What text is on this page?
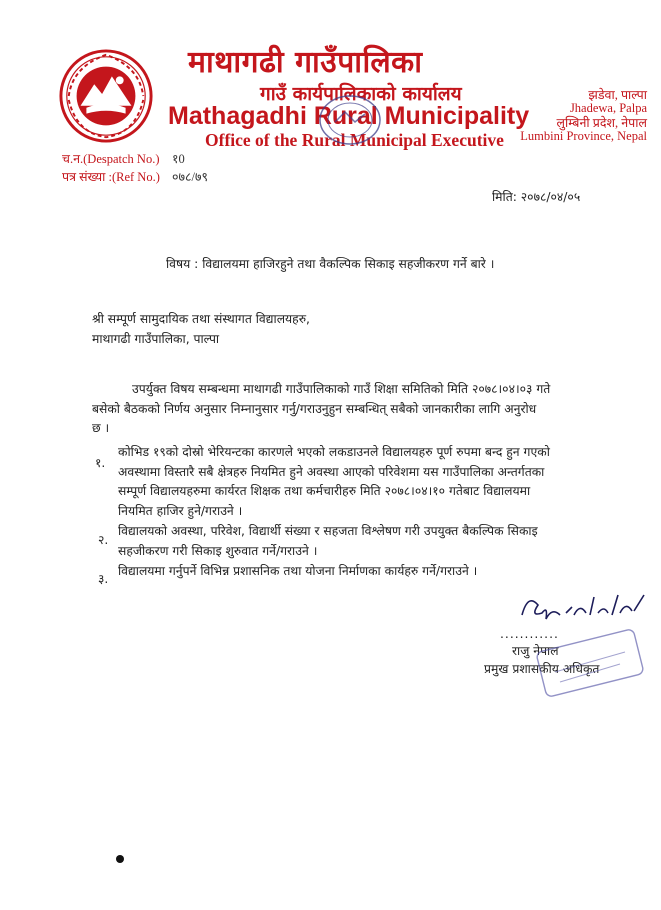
माथागढी गाउँपालिका
गाउँ कार्यपालिकाको कार्यालय
Mathagadhi Rural Municipality
Office of the Rural Municipal Executive
झडेवा, पाल्पा
Jhadewa, Palpa
लुम्बिनी प्रदेश, नेपाल
Lumbini Province, Nepal
च.न.(Despatch No.) १0
पत्र संख्या :(Ref No.) ०७८/७९
मिति: २०७८/०४/०५
विषय : विद्यालयमा हाजिरहुने तथा वैकल्पिक सिकाइ सहजीकरण गर्ने बारे ।
श्री सम्पूर्ण सामुदायिक तथा संस्थागत विद्यालयहरु,
माथागढी गाउँपालिका, पाल्पा
उपर्युक्त विषय सम्बन्धमा माथागढी गाउँपालिकाको गाउँ शिक्षा समितिको मिति २०७८।०४।०३ गते
बसेको बैठकको निर्णय अनुसार निम्नानुसार गर्नु/गराउनुहुन सम्बन्धित् सबैको जानकारीका लागि अनुरोध
छ ।
१.
कोभिड १९को दोस्रो भेरियन्टका कारणले भएको लकडाउनले विद्यालयहरु पूर्ण रुपमा बन्द हुन गएको
अवस्थामा विस्तारै सबै क्षेत्रहरु नियमित हुने अवस्था आएको परिवेशमा यस गाउँपालिका अन्तर्गतका
सम्पूर्ण विद्यालयहरुमा कार्यरत शिक्षक तथा कर्मचारीहरु मिति २०७८।०४।१० गतेबाट विद्यालयमा
नियमित हाजिर हुने/गराउने ।
२.
विद्यालयको अवस्था, परिवेश, विद्यार्थी संख्या र सहजता विश्लेषण गरी उपयुक्त बैकल्पिक सिकाइ
सहजीकरण गरी सिकाइ शुरुवात गर्ने/गराउने ।
३.
विद्यालयमा गर्नुपर्ने विभिन्न प्रशासनिक तथा योजना निर्माणका कार्यहरु गर्ने/गराउने ।
............
राजु नेपाल
प्रमुख प्रशासकीय अधिकृत
